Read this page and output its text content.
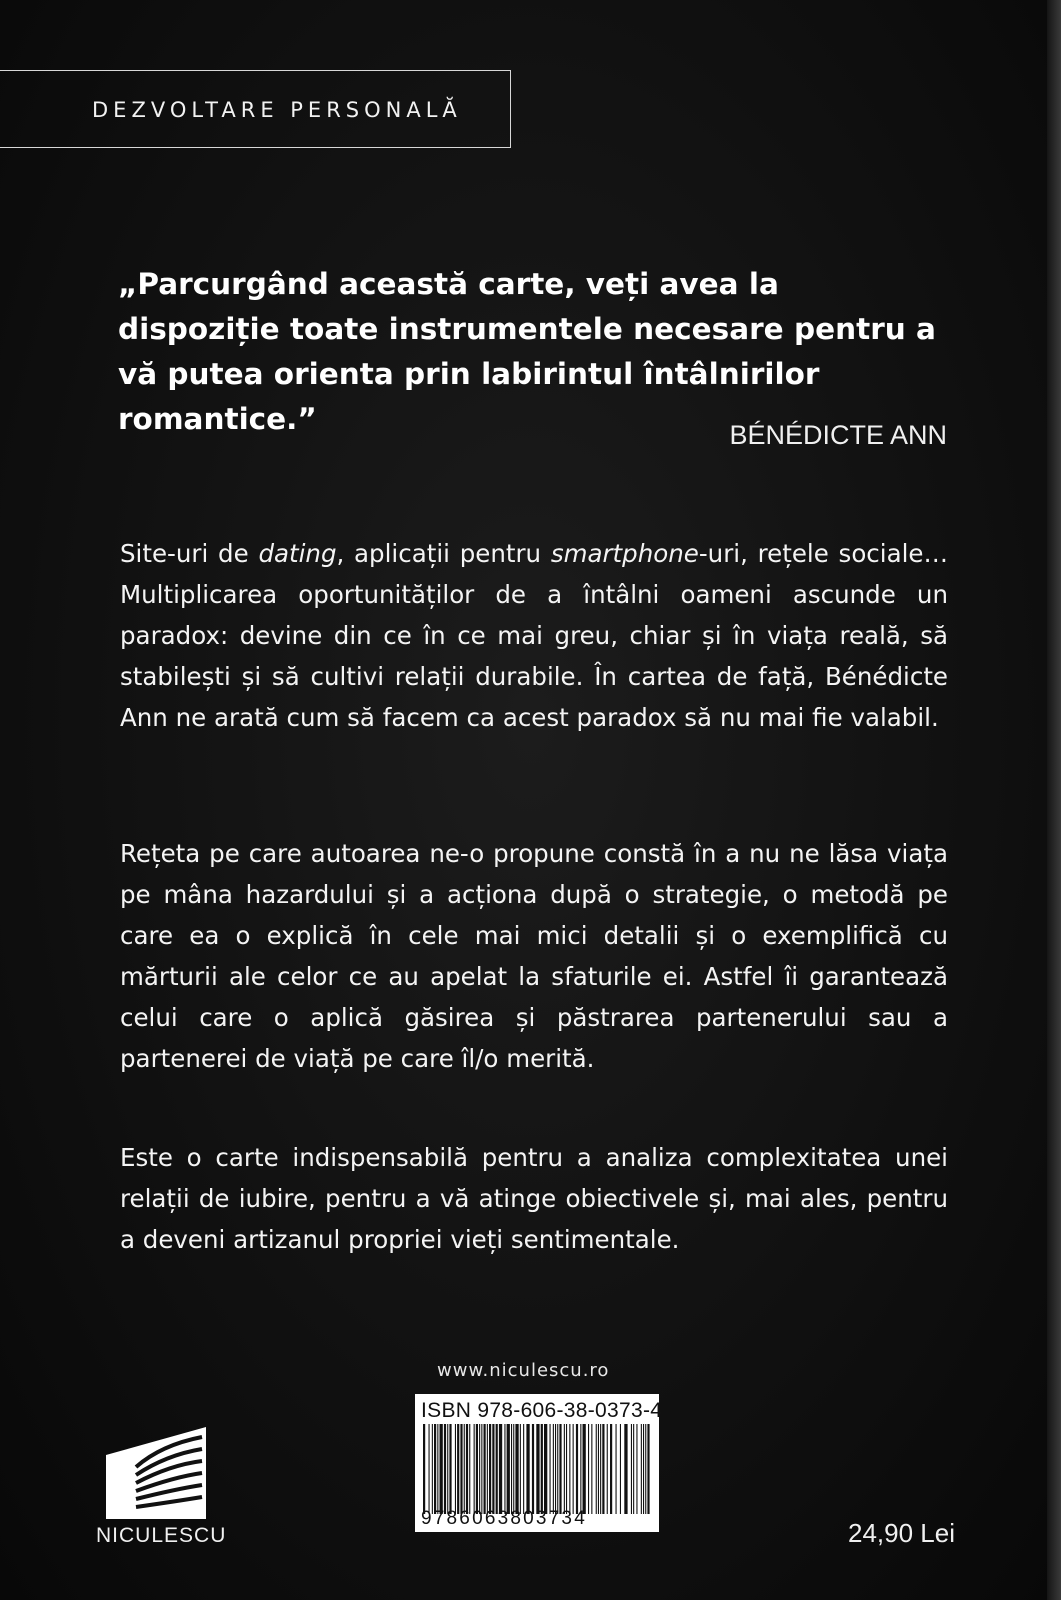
DEZVOLTARE PERSONALĂ

„Parcurgând această carte, veți avea la dispoziție toate instrumentele necesare pentru a vă putea orienta prin labirintul întâlnirilor romantice.”	BÉNÉDICTE ANN

Site-uri de dating, aplicații pentru smartphone-uri, rețele sociale… Multiplicarea oportunităților de a întâlni oameni ascunde un paradox: devine din ce în ce mai greu, chiar și în viața reală, să stabilești și să cultivi relații durabile. În cartea de față, Bénédicte Ann ne arată cum să facem ca acest paradox să nu mai fie valabil.

Rețeta pe care autoarea ne-o propune constă în a nu ne lăsa viața pe mâna hazardului și a acționa după o strategie, o metodă pe care ea o explică în cele mai mici detalii și o exemplifică cu mărturii ale celor ce au apelat la sfaturile ei. Astfel îi garantează celui care o aplică găsirea și păstrarea partenerului sau a partenerei de viață pe care îl/o merită.

Este o carte indispensabilă pentru a analiza complexitatea unei relații de iubire, pentru a vă atinge obiectivele și, mai ales, pentru a deveni artizanul propriei vieți sentimentale.

www.niculescu.ro
ISBN 978-606-38-0373-4
9786063803734
NICULESCU	24,90 Lei
